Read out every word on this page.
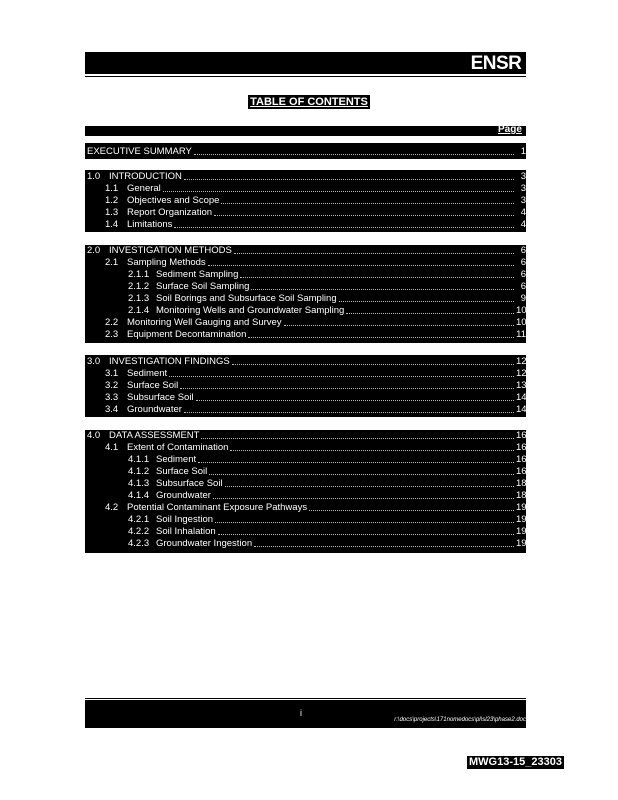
ENSR
TABLE OF CONTENTS
Page
EXECUTIVE SUMMARY	1
1.0 INTRODUCTION	3
1.1 General	3
1.2 Objectives and Scope	3
1.3 Report Organization	4
1.4 Limitations	4
2.0 INVESTIGATION METHODS	6
2.1 Sampling Methods	6
2.1.1 Sediment Sampling	6
2.1.2 Surface Soil Sampling	6
2.1.3 Soil Borings and Subsurface Soil Sampling	9
2.1.4 Monitoring Wells and Groundwater Sampling	10
2.2 Monitoring Well Gauging and Survey	10
2.3 Equipment Decontamination	11
3.0 INVESTIGATION FINDINGS	12
3.1 Sediment	12
3.2 Surface Soil	13
3.3 Subsurface Soil	14
3.4 Groundwater	14
4.0 DATA ASSESSMENT	16
4.1 Extent of Contamination	16
4.1.1 Sediment	16
4.1.2 Surface Soil	16
4.1.3 Subsurface Soil	18
4.1.4 Groundwater	18
4.2 Potential Contaminant Exposure Pathways	19
4.2.1 Soil Ingestion	19
4.2.2 Soil Inhalation	19
4.2.3 Groundwater Ingestion	19
i
r:\docs\projects\171nomedocs\pl\sl23\phase2.doc
MWG13-15_23303
